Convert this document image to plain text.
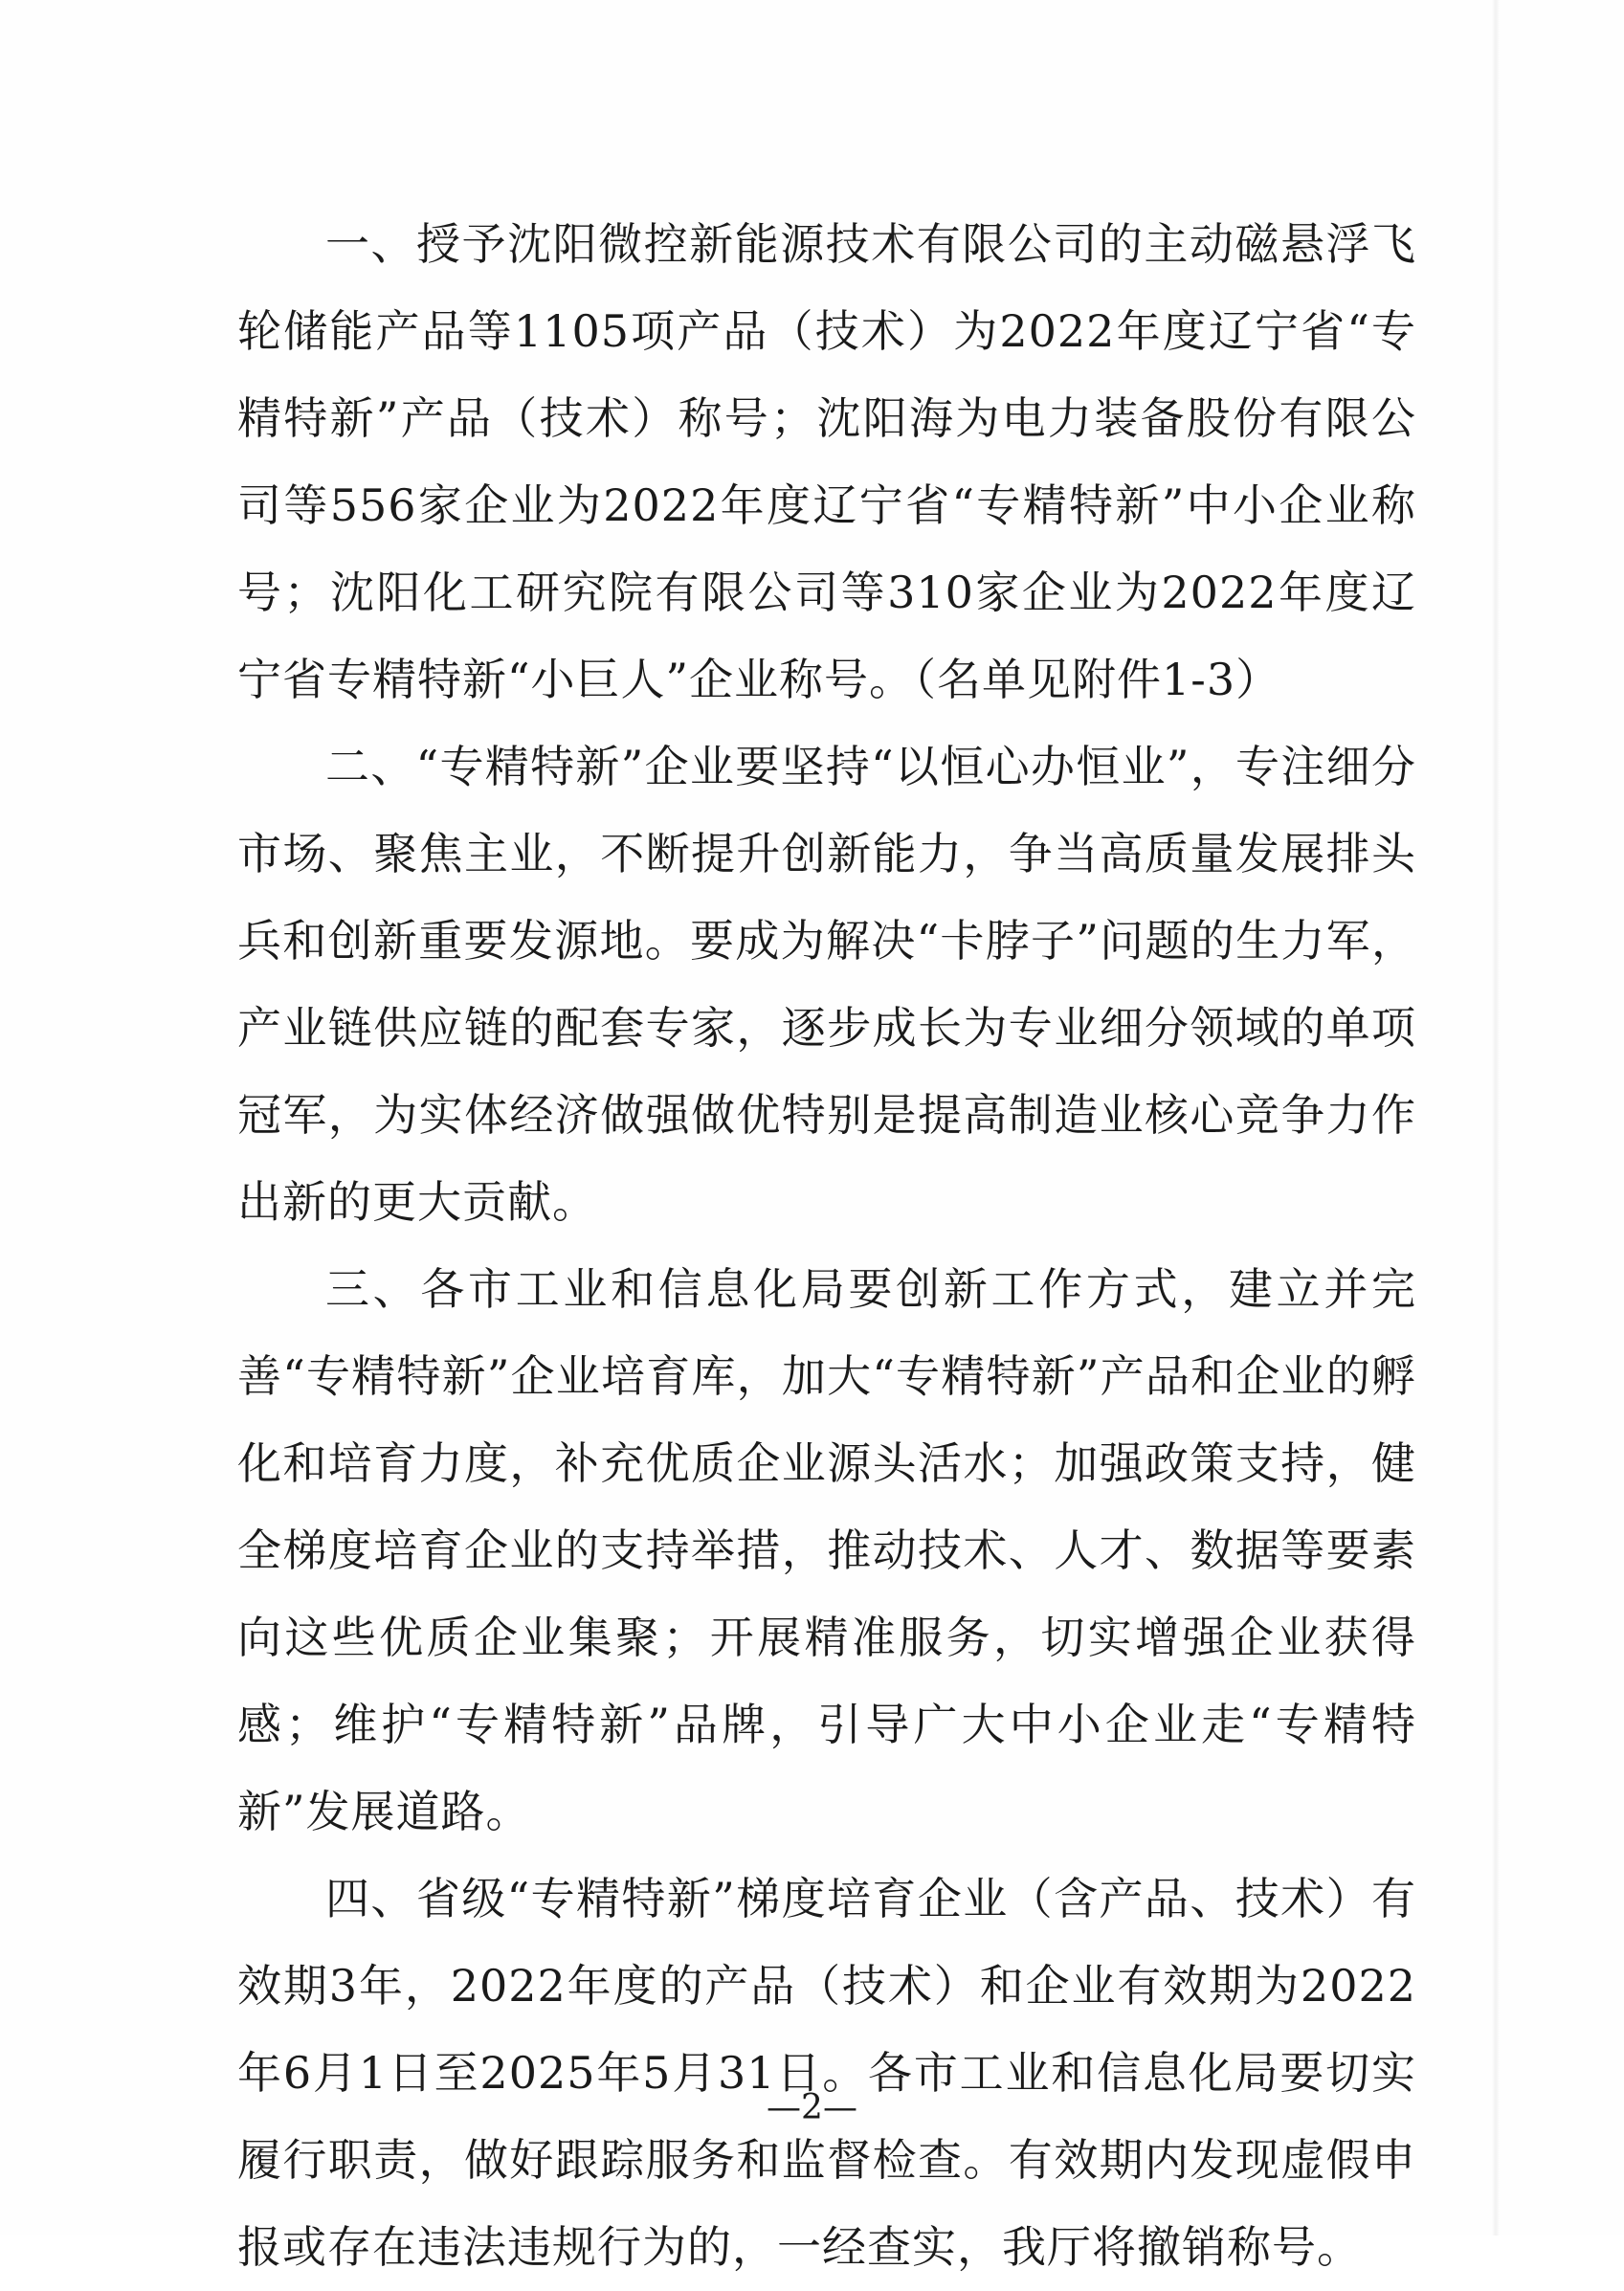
一、授予沈阳微控新能源技术有限公司的主动磁悬浮飞轮储能产品等1105项产品（技术）为2022年度辽宁省“专精特新”产品（技术）称号；沈阳海为电力装备股份有限公司等556家企业为2022年度辽宁省“专精特新”中小企业称号；沈阳化工研究院有限公司等310家企业为2022年度辽宁省专精特新“小巨人”企业称号。（名单见附件1-3）

二、“专精特新”企业要坚持“以恒心办恒业”，专注细分市场、聚焦主业，不断提升创新能力，争当高质量发展排头兵和创新重要发源地。要成为解决“卡脖子”问题的生力军，产业链供应链的配套专家，逐步成长为专业细分领域的单项冠军，为实体经济做强做优特别是提高制造业核心竞争力作出新的更大贡献。

三、各市工业和信息化局要创新工作方式，建立并完善“专精特新”企业培育库，加大“专精特新”产品和企业的孵化和培育力度，补充优质企业源头活水；加强政策支持，健全梯度培育企业的支持举措，推动技术、人才、数据等要素向这些优质企业集聚；开展精准服务，切实增强企业获得感；维护“专精特新”品牌，引导广大中小企业走“专精特新”发展道路。

四、省级“专精特新”梯度培育企业（含产品、技术）有效期3年，2022年度的产品（技术）和企业有效期为2022年6月1日至2025年5月31日。各市工业和信息化局要切实履行职责，做好跟踪服务和监督检查。有效期内发现虚假申报或存在违法违规行为的，一经查实，我厅将撤销称号。

—2—
